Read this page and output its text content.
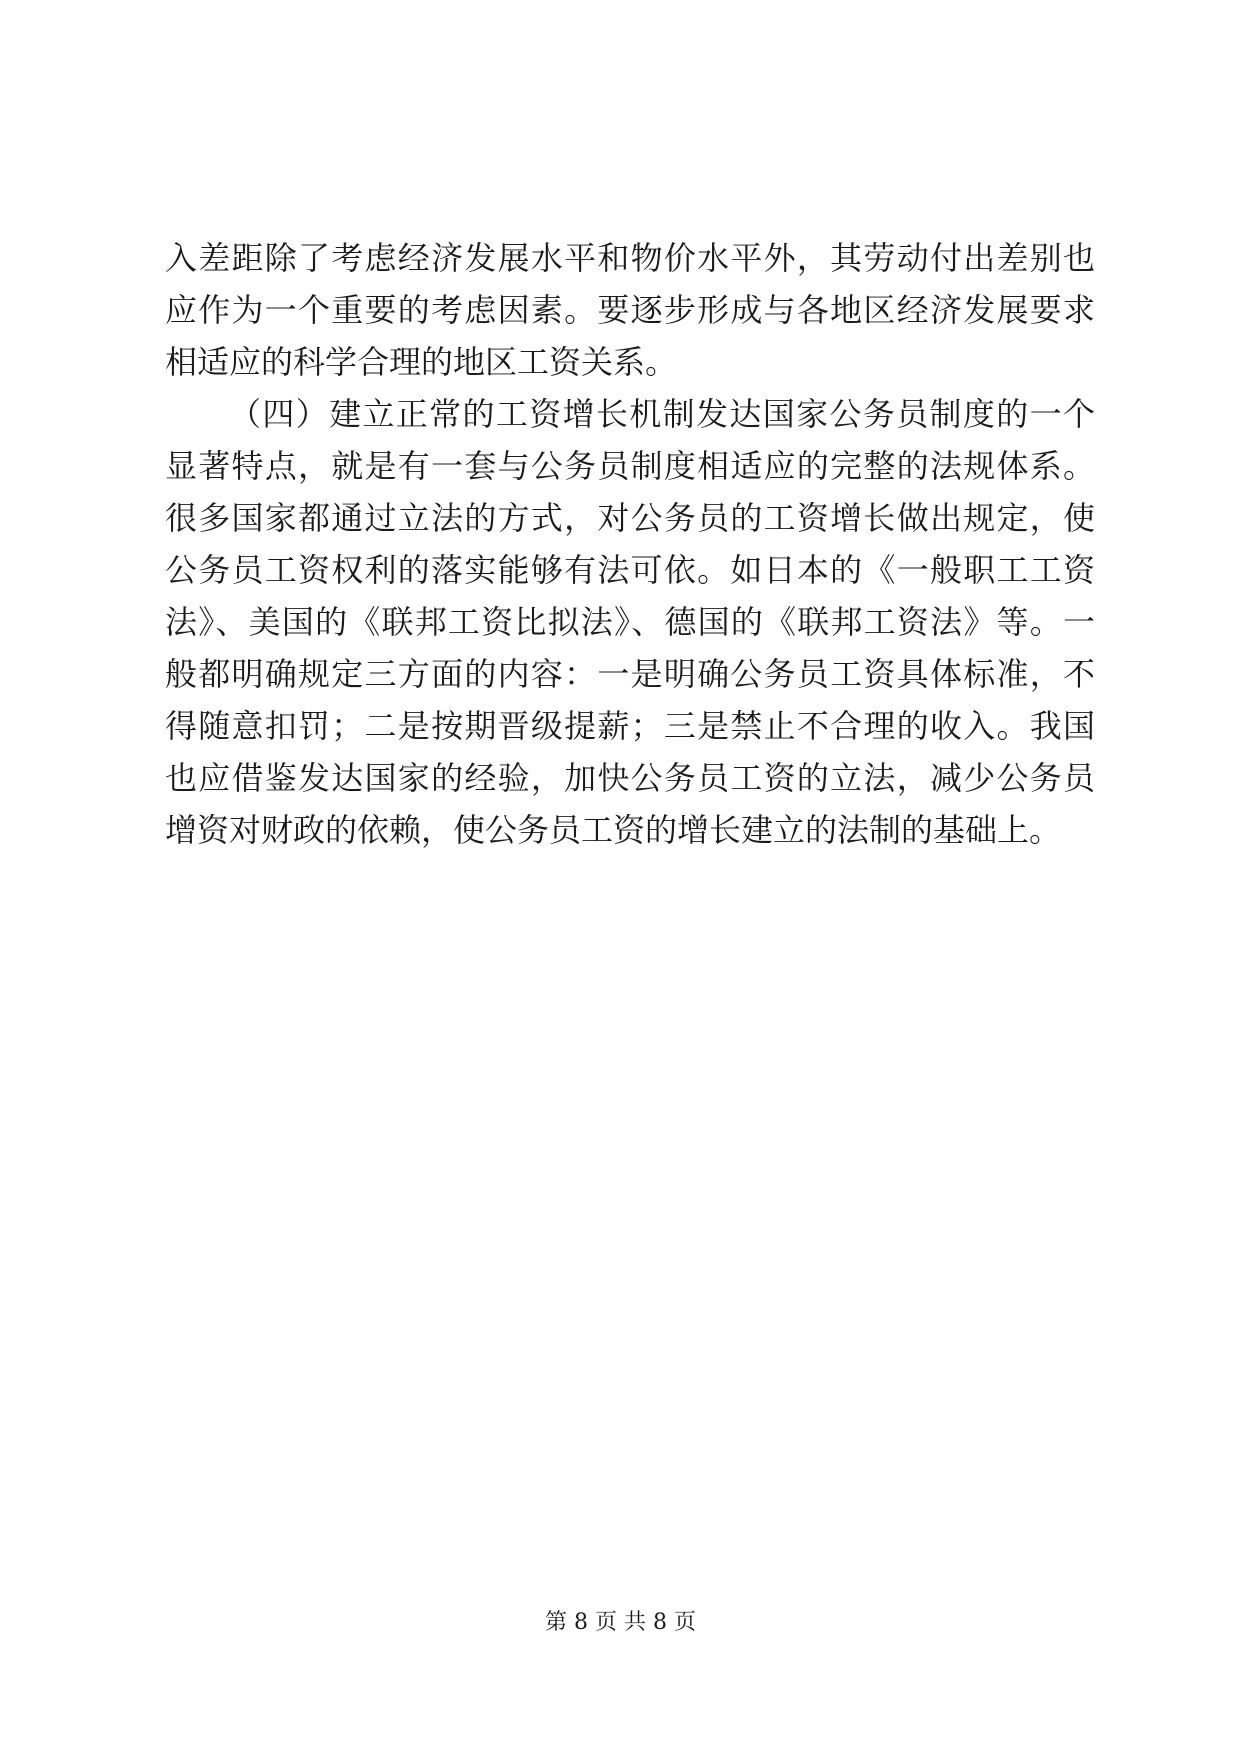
入差距除了考虑经济发展水平和物价水平外，其劳动付出差别也
应作为一个重要的考虑因素。要逐步形成与各地区经济发展要求
相适应的科学合理的地区工资关系。
（四）建立正常的工资增长机制发达国家公务员制度的一个
显著特点，就是有一套与公务员制度相适应的完整的法规体系。
很多国家都通过立法的方式，对公务员的工资增长做出规定，使
公务员工资权利的落实能够有法可依。如日本的《一般职工工资
法》、美国的《联邦工资比拟法》、德国的《联邦工资法》等。一
般都明确规定三方面的内容：一是明确公务员工资具体标准，不
得随意扣罚；二是按期晋级提薪；三是禁止不合理的收入。我国
也应借鉴发达国家的经验，加快公务员工资的立法，减少公务员
增资对财政的依赖，使公务员工资的增长建立的法制的基础上。
第 8 页 共 8 页
